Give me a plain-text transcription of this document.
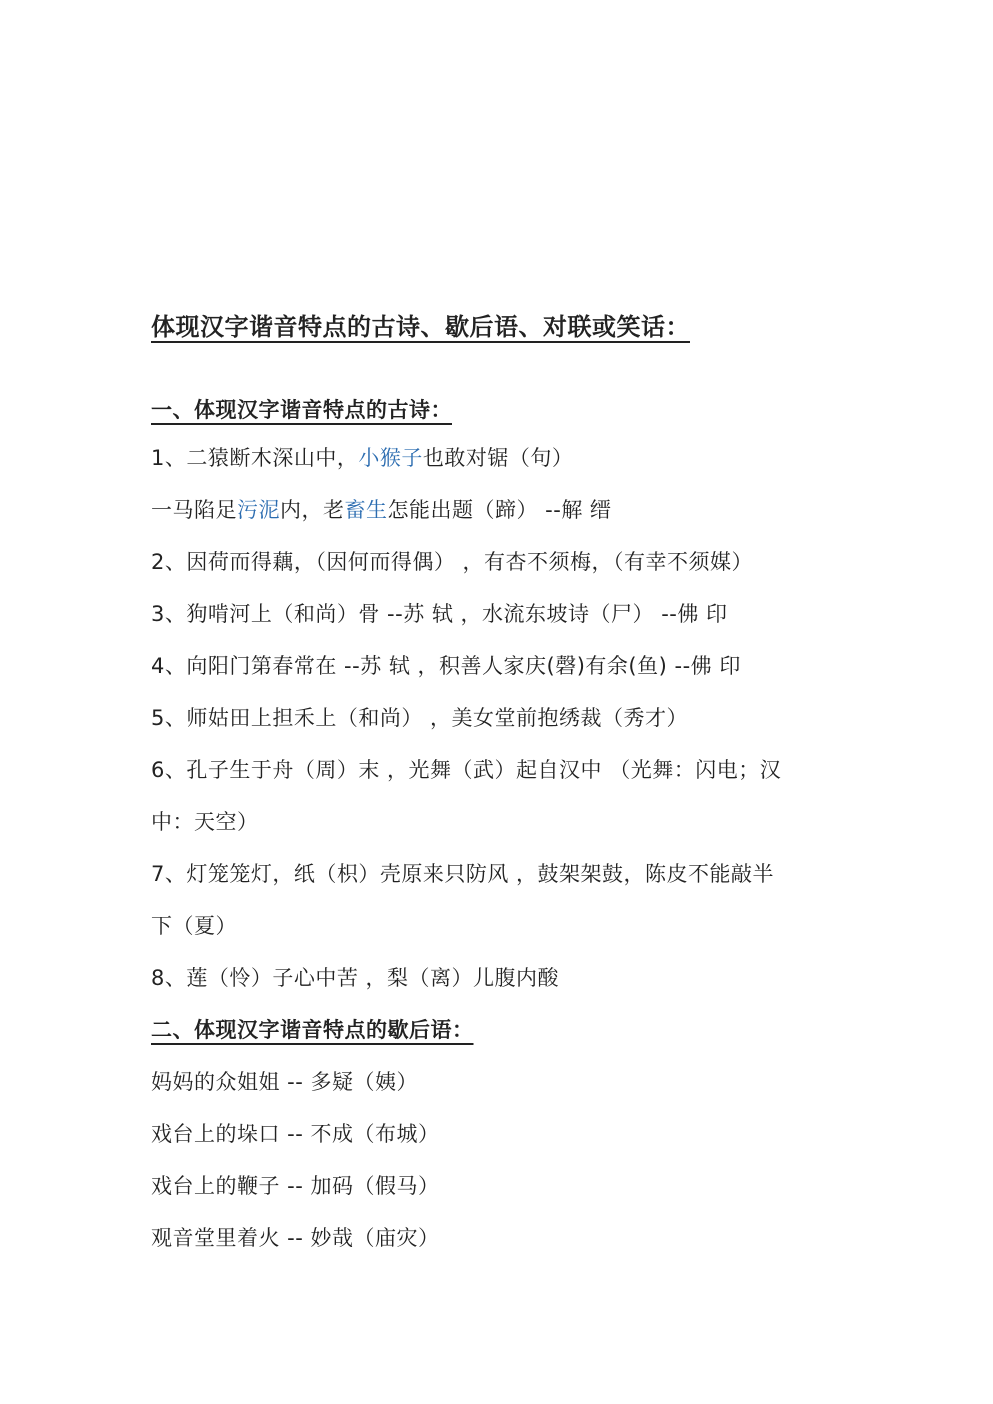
体现汉字谐音特点的古诗、歇后语、对联或笑话：
一、体现汉字谐音特点的古诗：
1、二猿断木深山中，小猴子也敢对锯（句）
一马陷足污泥内，老畜生怎能出题（蹄） --解 缙
2、因荷而得藕，（因何而得偶） ，有杏不须梅，（有幸不须媒）
3、狗啃河上（和尚）骨 --苏 轼 ，水流东坡诗（尸） --佛 印
4、向阳门第春常在 --苏 轼 ，积善人家庆(磬)有余(鱼) --佛 印
5、师姑田上担禾上（和尚） ，美女堂前抱绣裁（秀才）
6、孔子生于舟（周）末 ，光舞（武）起自汉中 （光舞：闪电；汉
中：天空）
7、灯笼笼灯，纸（枳）壳原来只防风 ，鼓架架鼓，陈皮不能敲半
下（夏）
8、莲（怜）子心中苦 ，梨（离）儿腹内酸
二、体现汉字谐音特点的歇后语：
妈妈的众姐姐 -- 多疑（姨）
戏台上的垛口 -- 不成（布城）
戏台上的鞭子 -- 加码（假马）
观音堂里着火 -- 妙哉（庙灾）
